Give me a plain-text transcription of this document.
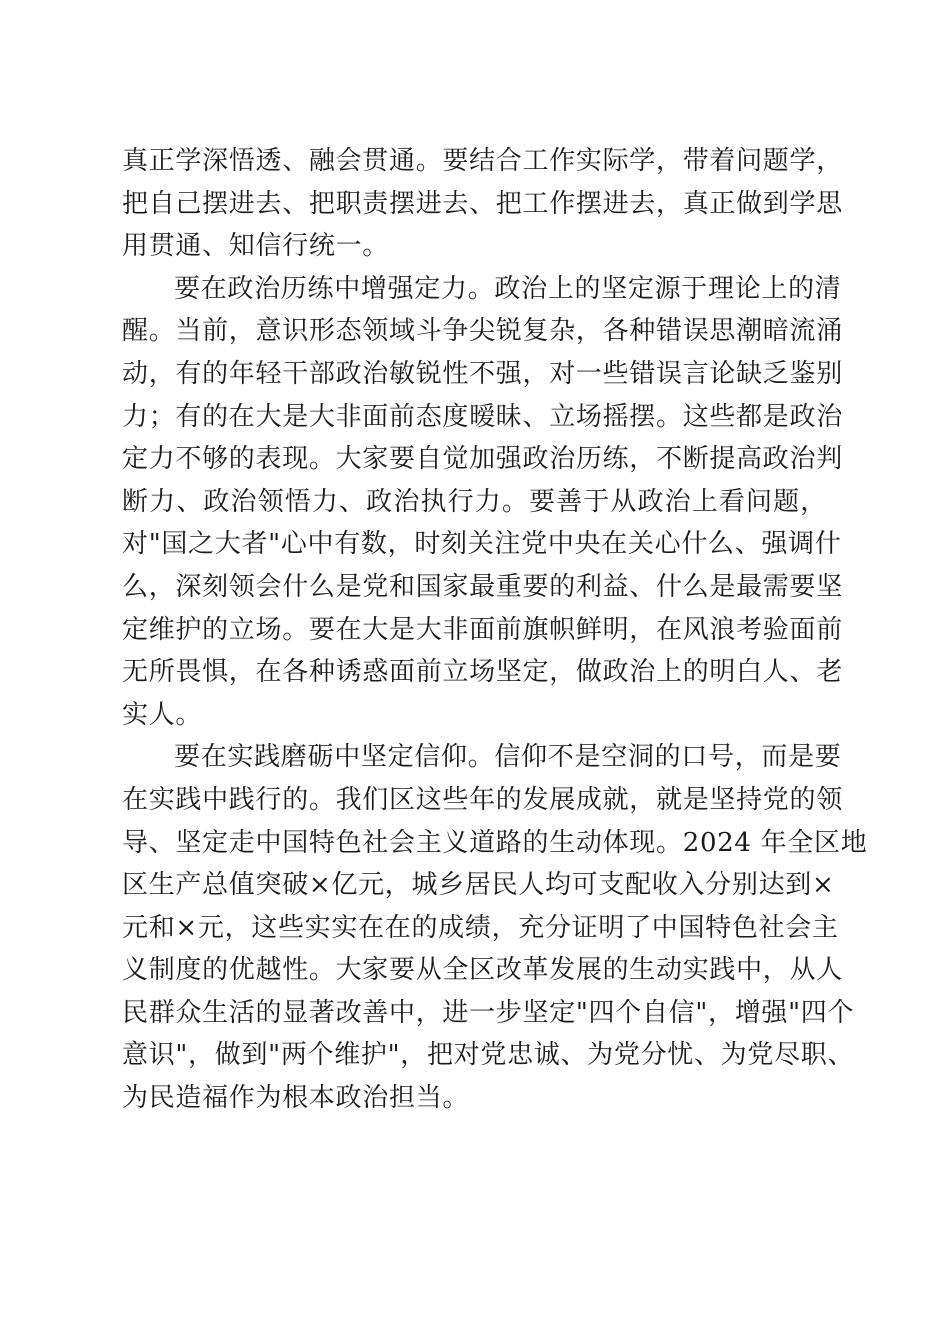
真正学深悟透、融会贯通。要结合工作实际学，带着问题学，
把自己摆进去、把职责摆进去、把工作摆进去，真正做到学思
用贯通、知信行统一。
要在政治历练中增强定力。政治上的坚定源于理论上的清
醒。当前，意识形态领域斗争尖锐复杂，各种错误思潮暗流涌
动，有的年轻干部政治敏锐性不强，对一些错误言论缺乏鉴别
力；有的在大是大非面前态度暧昧、立场摇摆。这些都是政治
定力不够的表现。大家要自觉加强政治历练，不断提高政治判
断力、政治领悟力、政治执行力。要善于从政治上看问题，
对"国之大者"心中有数，时刻关注党中央在关心什么、强调什
么，深刻领会什么是党和国家最重要的利益、什么是最需要坚
定维护的立场。要在大是大非面前旗帜鲜明，在风浪考验面前
无所畏惧，在各种诱惑面前立场坚定，做政治上的明白人、老
实人。
要在实践磨砺中坚定信仰。信仰不是空洞的口号，而是要
在实践中践行的。我们区这些年的发展成就，就是坚持党的领
导、坚定走中国特色社会主义道路的生动体现。2024 年全区地
区生产总值突破×亿元，城乡居民人均可支配收入分别达到×
元和×元，这些实实在在的成绩，充分证明了中国特色社会主
义制度的优越性。大家要从全区改革发展的生动实践中，从人
民群众生活的显著改善中，进一步坚定"四个自信"，增强"四个
意识"，做到"两个维护"，把对党忠诚、为党分忧、为党尽职、
为民造福作为根本政治担当。
